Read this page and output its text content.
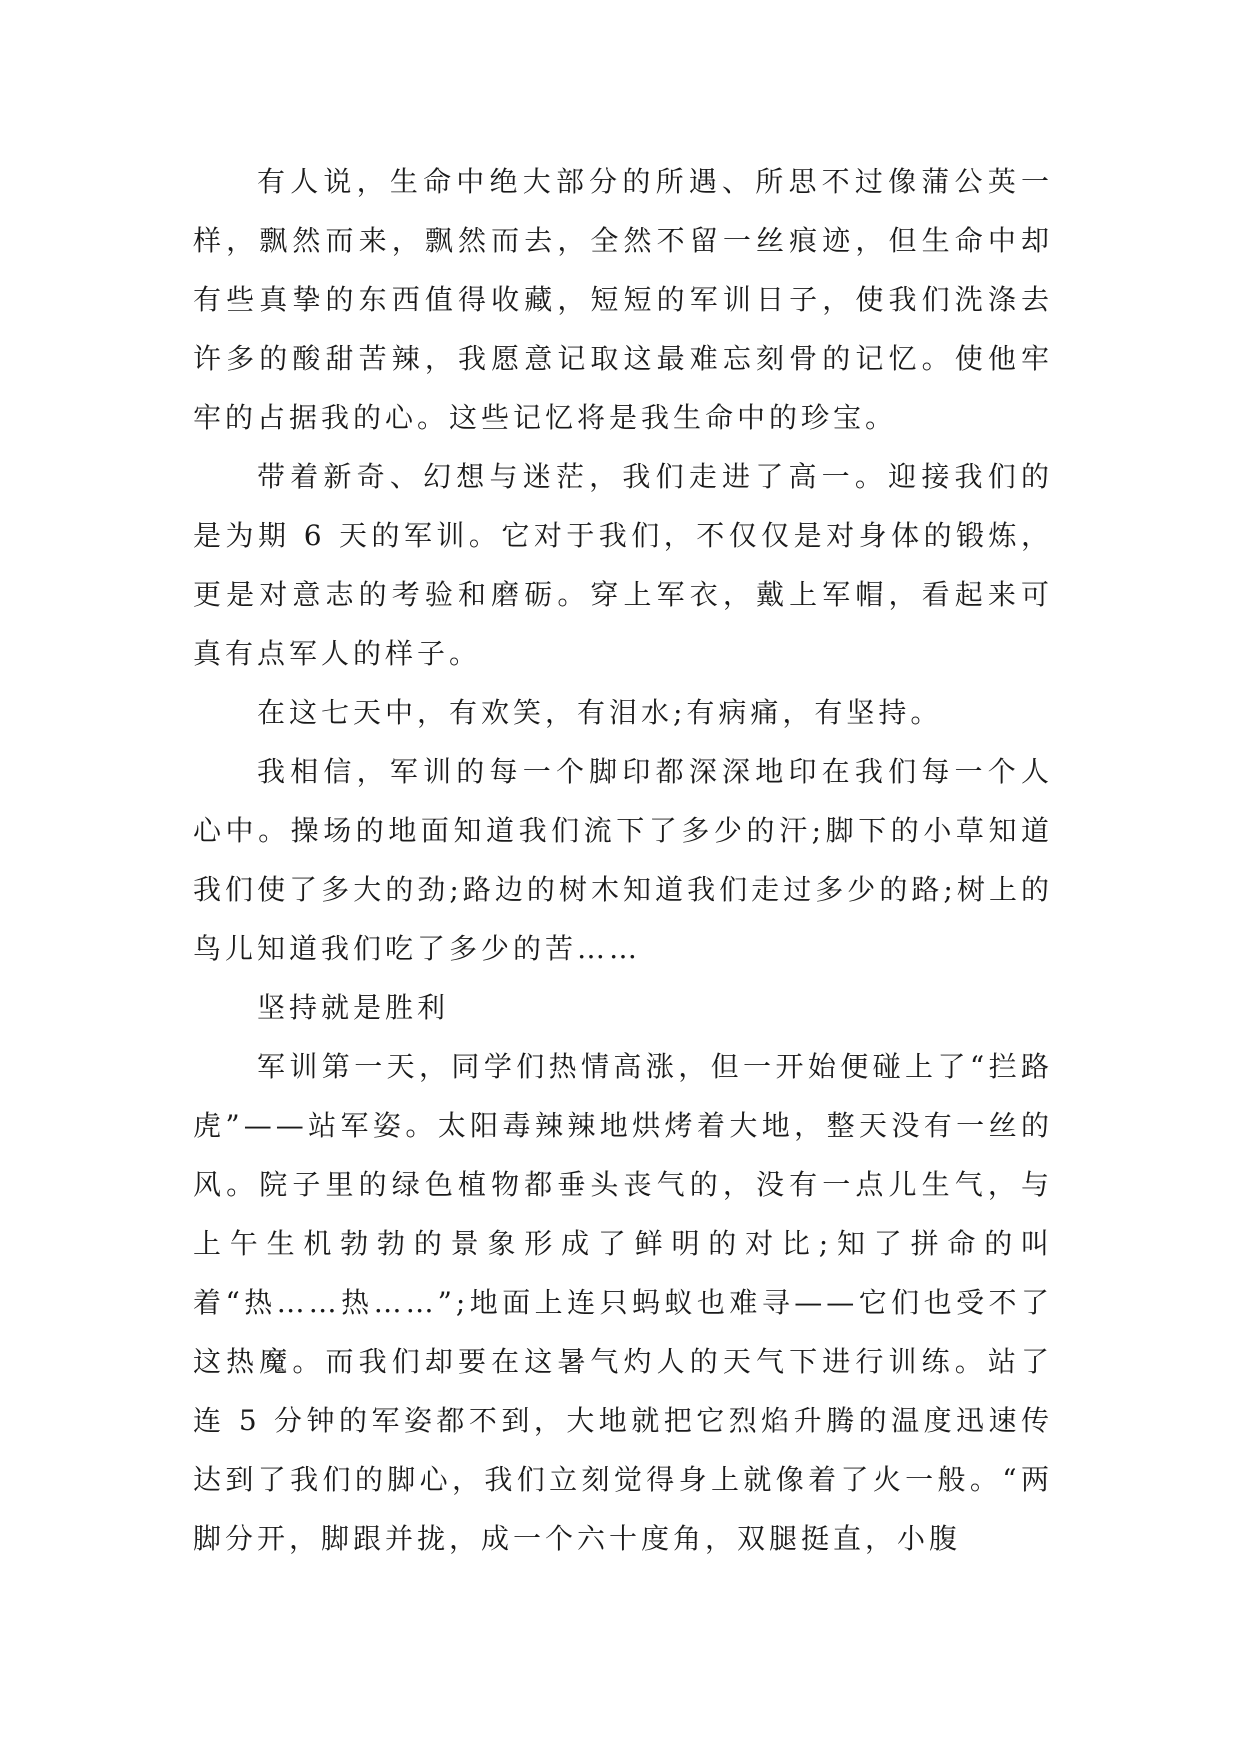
有人说，生命中绝大部分的所遇、所思不过像蒲公英一样，飘然而来，飘然而去，全然不留一丝痕迹，但生命中却有些真挚的东西值得收藏，短短的军训日子，使我们洗涤去许多的酸甜苦辣，我愿意记取这最难忘刻骨的记忆。使他牢牢的占据我的心。这些记忆将是我生命中的珍宝。

带着新奇、幻想与迷茫，我们走进了高一。迎接我们的是为期 6 天的军训。它对于我们，不仅仅是对身体的锻炼，更是对意志的考验和磨砺。穿上军衣，戴上军帽，看起来可真有点军人的样子。

在这七天中，有欢笑，有泪水;有病痛，有坚持。

我相信，军训的每一个脚印都深深地印在我们每一个人心中。操场的地面知道我们流下了多少的汗;脚下的小草知道我们使了多大的劲;路边的树木知道我们走过多少的路;树上的鸟儿知道我们吃了多少的苦……

坚持就是胜利

军训第一天，同学们热情高涨，但一开始便碰上了“拦路虎”——站军姿。太阳毒辣辣地烘烤着大地，整天没有一丝的风。院子里的绿色植物都垂头丧气的，没有一点儿生气，与上午生机勃勃的景象形成了鲜明的对比;知了拼命的叫着“热……热……”;地面上连只蚂蚁也难寻——它们也受不了这热魔。而我们却要在这暑气灼人的天气下进行训练。站了连 5 分钟的军姿都不到，大地就把它烈焰升腾的温度迅速传达到了我们的脚心，我们立刻觉得身上就像着了火一般。“两脚分开，脚跟并拢，成一个六十度角，双腿挺直，小腹
